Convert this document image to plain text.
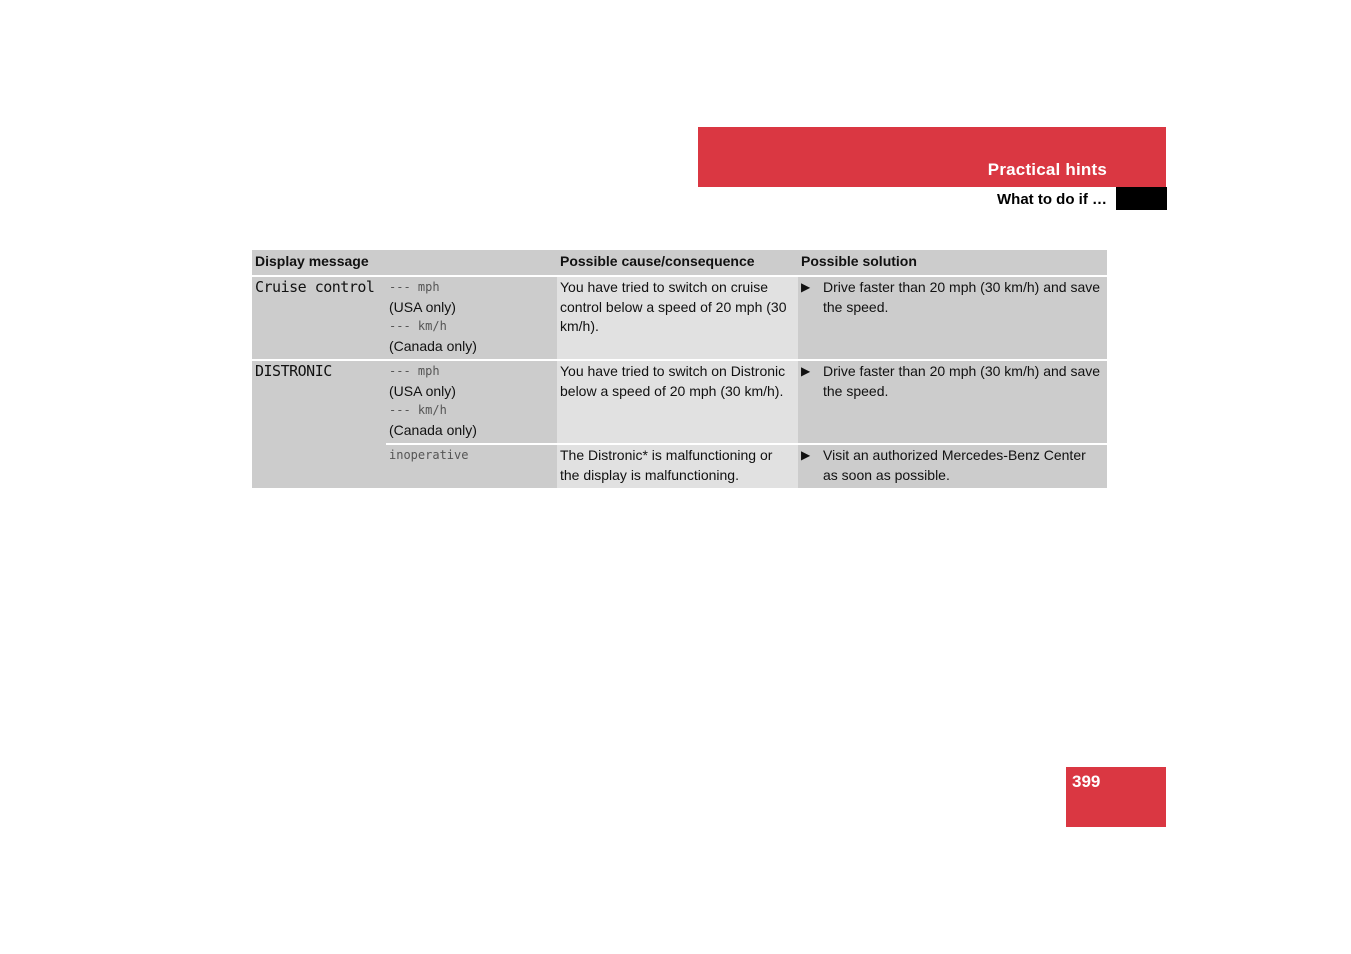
Practical hints
What to do if …
Display message		Possible cause/consequence	Possible solution
Cruise control	--- mph
(USA only)
--- km/h
(Canada only)	You have tried to switch on cruise control below a speed of 20 mph (30 km/h).	▶ Drive faster than 20 mph (30 km/h) and save the speed.

DISTRONIC	--- mph
(USA only)
--- km/h
(Canada only)	You have tried to switch on Distronic below a speed of 20 mph (30 km/h).	▶ Drive faster than 20 mph (30 km/h) and save the speed.

	inoperative	The Distronic* is malfunctioning or the display is malfunctioning.	▶ Visit an authorized Mercedes-Benz Center as soon as possible.
399
